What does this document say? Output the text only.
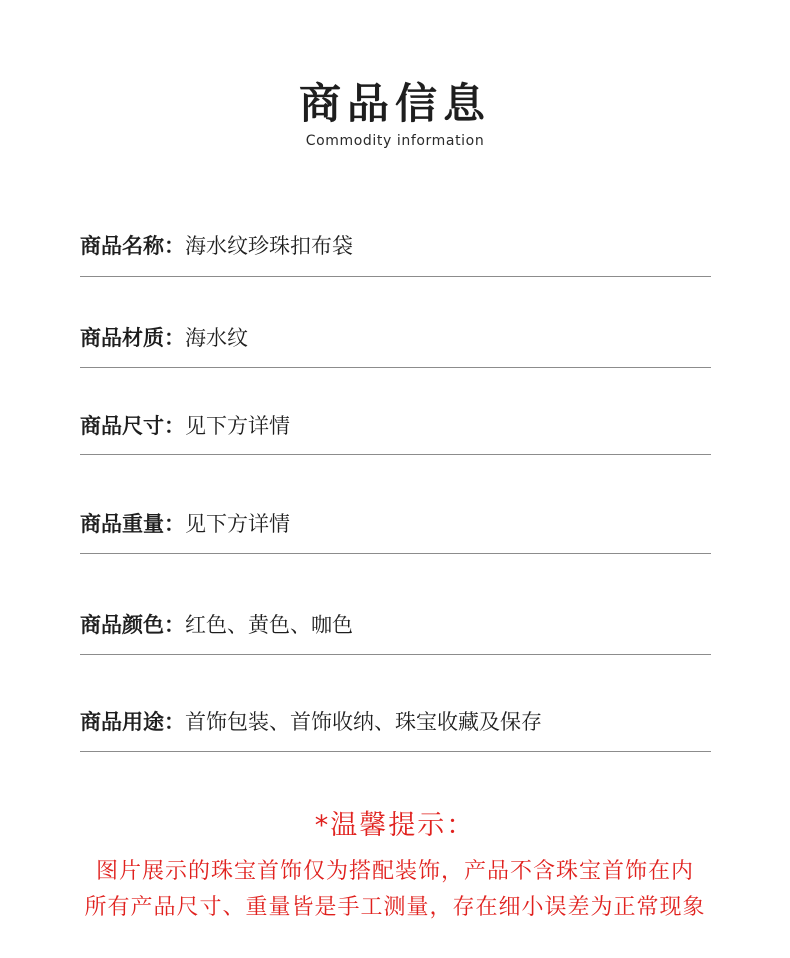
商品信息
Commodity information
商品名称：海水纹珍珠扣布袋
商品材质：海水纹
商品尺寸：见下方详情
商品重量：见下方详情
商品颜色：红色、黄色、咖色
商品用途：首饰包装、首饰收纳、珠宝收藏及保存
*温馨提示：
图片展示的珠宝首饰仅为搭配装饰，产品不含珠宝首饰在内
所有产品尺寸、重量皆是手工测量，存在细小误差为正常现象
